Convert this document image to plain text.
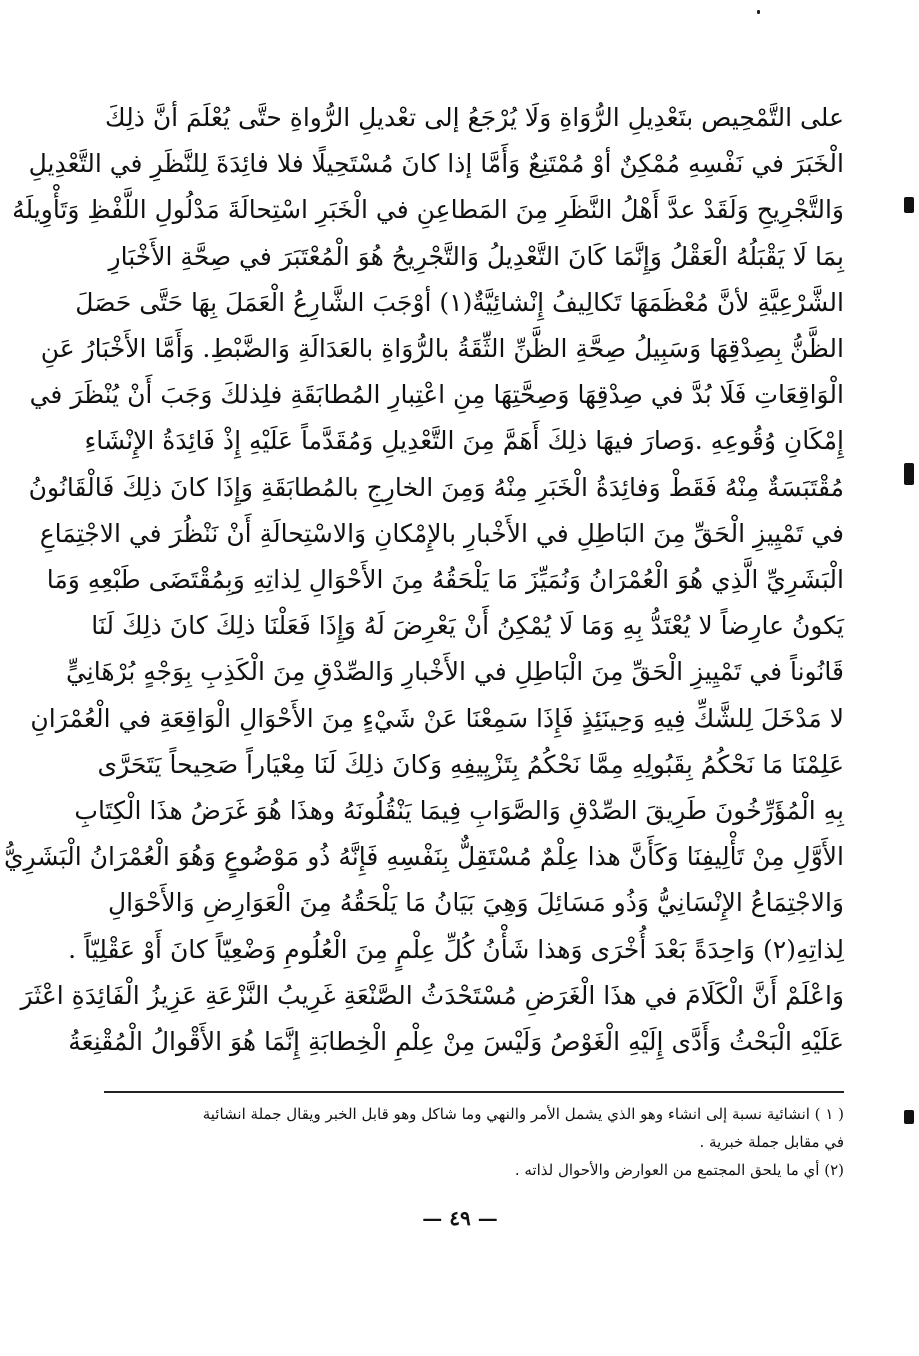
على التَّمْحِيص بتَعْدِيلِ الرُّوَاةِ وَلَا يُرْجَعُ إلى تعْديلِ الرُّواةِ حتَّى يُعْلَمَ أنَّ ذلِكَ
الْخَبَرَ في نَفْسِهِ مُمْكِنٌ أوْ مُمْتَنِعٌ وَأَمَّا إذا كانَ مُسْتَحِيلًا فلا فائِدَةَ لِلنَّظَرِ في التَّعْدِيلِ
وَالتَّجْرِيحِ وَلَقَدْ عدَّ أَهْلُ النَّظَرِ مِنَ المَطاعِنِ في الْخَبَرِ اسْتِحالَةَ مَدْلُولِ اللَّفْظِ وَتَأْوِيلَهُ
بِمَا لَا يَقْبَلُهُ الْعَقْلُ وَإِنَّمَا كَانَ التَّعْدِيلُ وَالتَّجْرِيحُ هُوَ الْمُعْتَبَرَ في صِحَّةِ الأَخْبَارِ
الشَّرْعِيَّةِ لأنَّ مُعْظَمَهَا تَكالِيفُ إِنْشائِيَّةٌ(١) أوْجَبَ الشَّارِعُ الْعَمَلَ بِهَا حَتَّى حَصَلَ
الظَّنُّ بِصِدْقِهَا وَسَبِيلُ صِحَّةِ الظَّنِّ الثِّقَةُ بالرُّوَاةِ بالعَدَالَةِ وَالضَّبْطِ. وَأَمَّا الأَخْبَارُ عَنِ
الْوَاقِعَاتِ فَلَا بُدَّ في صِدْقِهَا وَصِحَّتِهَا مِنِ اعْتِبارِ المُطابَقَةِ فلِذلكَ وَجَبَ أَنْ يُنْظَرَ في
إِمْكَانِ وُقُوعِهِ .وَصارَ فيهَا ذلِكَ أَهَمَّ مِنَ التَّعْدِيلِ وَمُقَدَّماً عَلَيْهِ إِذْ فَائِدَةُ الإِنْشَاءِ
مُقْتَبَسَةٌ مِنْهُ فَقَطْ وَفائِدَةُ الْخَبَرِ مِنْهُ وَمِنَ الخارِجِ بالمُطابَقَةِ وَإِذَا كانَ ذلِكَ فَالْقَانُونُ
في تَمْيِيزِ الْحَقِّ مِنَ البَاطِلِ في الأَخْبارِ بالإِمْكانِ وَالاسْتِحالَةِ أَنْ نَنْظُرَ في الاجْتِمَاعِ
الْبَشَرِيِّ الَّذِي هُوَ الْعُمْرَانُ وَنُمَيِّزَ مَا يَلْحَقُهُ مِنَ الأَحْوَالِ لِذاتِهِ وَبِمُقْتَضَى طَبْعِهِ وَمَا
يَكونُ عارِضاً لا يُعْتَدُّ بِهِ وَمَا لَا يُمْكِنُ أَنْ يَعْرِضَ لَهُ وَإِذَا فَعَلْنَا ذلِكَ كانَ ذلِكَ لَنَا
قَانُوناً في تَمْيِيزِ الْحَقِّ مِنَ الْبَاطِلِ في الأَخْبارِ وَالصِّدْقِ مِنَ الْكَذِبِ بِوَجْهٍ بُرْهَانِيٍّ
لا مَدْخَلَ لِلشَّكِّ فِيهِ وَحِينَئِذٍ فَإِذَا سَمِعْنَا عَنْ شَيْءٍ مِنَ الأَحْوَالِ الْوَاقِعَةِ في الْعُمْرَانِ
عَلِمْنَا مَا نَحْكُمُ بِقَبُولِهِ مِمَّا نَحْكُمُ بِتَزْيِيفِهِ وَكانَ ذلِكَ لَنَا مِعْيَاراً صَحِيحاً يَتَحَرَّى
بِهِ الْمُؤَرِّخُونَ طَرِيقَ الصِّدْقِ وَالصَّوَابِ فِيمَا يَنْقُلُونَهُ وهذَا هُوَ غَرَضُ هذَا الْكِتَابِ
الأَوَّلِ مِنْ تَأْلِيفِنَا وَكَأَنَّ هذا عِلْمٌ مُسْتَقِلٌّ بِنَفْسِهِ فَإِنَّهُ ذُو مَوْضُوعٍ وَهُوَ الْعُمْرَانُ الْبَشَرِيُّ
وَالاجْتِمَاعُ الإِنْسَانِيُّ وَذُو مَسَائِلَ وَهِيَ بَيَانُ مَا يَلْحَقُهُ مِنَ الْعَوَارِضِ وَالأَحْوَالِ
لِذاتِهِ(٢) وَاحِدَةً بَعْدَ أُخْرَى وَهذا شَأْنُ كُلِّ عِلْمٍ مِنَ الْعُلُومِ وَضْعِيّاً كانَ أَوْ عَقْلِيّاً .
وَاعْلَمْ أَنَّ الْكَلَامَ في هذَا الْغَرَضِ مُسْتَحْدَثُ الصَّنْعَةِ غَرِيبُ النَّزْعَةِ عَزِيزُ الْفَائِدَةِ اعْثَرَ
عَلَيْهِ الْبَحْثُ وَأَدَّى إِلَيْهِ الْغَوْصُ وَلَيْسَ مِنْ عِلْمِ الْخِطابَةِ إِنَّمَا هُوَ الأَقْوالُ الْمُقْنِعَةُ
( ١ ) انشائية نسبة إلى انشاء وهو الذي يشمل الأمر والنهي وما شاكل وهو قابل الخبر ويقال جملة انشائية
في مقابل جملة خبرية .
(٢) أي ما يلحق المجتمع من العوارض والأحوال لذاته .
— ٤٩ —
